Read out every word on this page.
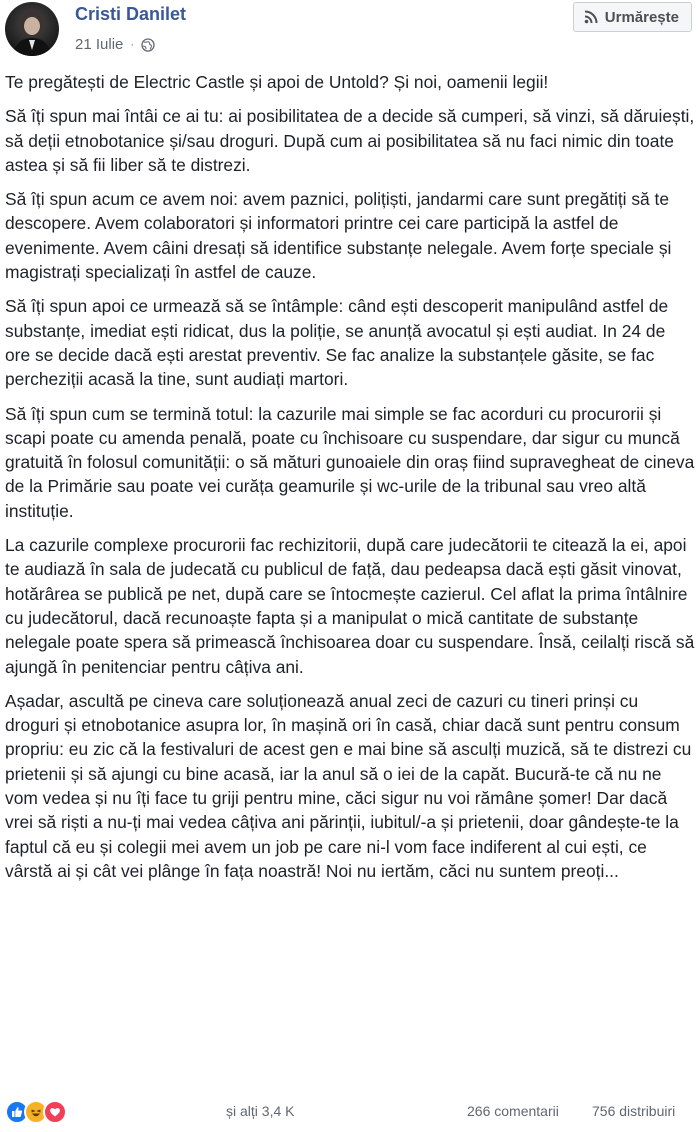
Cristi Danilet
21 Iulie ·
Urmărește

Te pregătești de Electric Castle și apoi de Untold? Și noi, oamenii legii!

Să îți spun mai întâi ce ai tu: ai posibilitatea de a decide să cumperi, să vinzi, să dăruiești, să deții etnobotanice și/sau droguri. După cum ai posibilitatea să nu faci nimic din toate astea și să fii liber să te distrezi.

Să îți spun acum ce avem noi: avem paznici, polițiști, jandarmi care sunt pregătiți să te descopere. Avem colaboratori și informatori printre cei care participă la astfel de evenimente. Avem câini dresați să identifice substanțe nelegale. Avem forțe speciale și magistrați specializați în astfel de cauze.

Să îți spun apoi ce urmează să se întâmple: când ești descoperit manipulând astfel de substanțe, imediat ești ridicat, dus la poliție, se anunță avocatul și ești audiat. In 24 de ore se decide dacă ești arestat preventiv. Se fac analize la substanțele găsite, se fac percheziții acasă la tine, sunt audiați martori.

Să îți spun cum se termină totul: la cazurile mai simple se fac acorduri cu procurorii și scapi poate cu amenda penală, poate cu închisoare cu suspendare, dar sigur cu muncă gratuită în folosul comunității: o să mături gunoaiele din oraș fiind supravegheat de cineva de la Primărie sau poate vei curăța geamurile și wc-urile de la tribunal sau vreo altă instituție.

La cazurile complexe procurorii fac rechizitorii, după care judecătorii te citează la ei, apoi te audiază în sala de judecată cu publicul de față, dau pedeapsa dacă ești găsit vinovat, hotărârea se publică pe net, după care se întocmește cazierul. Cel aflat la prima întâlnire cu judecătorul, dacă recunoaște fapta și a manipulat o mică cantitate de substanțe nelegale poate spera să primească închisoarea doar cu suspendare. Însă, ceilalți riscă să ajungă în penitenciar pentru câțiva ani.

Așadar, ascultă pe cineva care soluționează anual zeci de cazuri cu tineri prinși cu droguri și etnobotanice asupra lor, în mașină ori în casă, chiar dacă sunt pentru consum propriu: eu zic că la festivaluri de acest gen e mai bine să asculți muzică, să te distrezi cu prietenii și să ajungi cu bine acasă, iar la anul să o iei de la capăt. Bucură-te că nu ne vom vedea și nu îți face tu griji pentru mine, căci sigur nu voi rămâne șomer! Dar dacă vrei să riști a nu-ți mai vedea câțiva ani părinții, iubitul/-a și prietenii, doar gândește-te la faptul că eu și colegii mei avem un job pe care ni-l vom face indiferent al cui ești, ce vârstă ai și cât vei plânge în fața noastră! Noi nu iertăm, căci nu suntem preoți...

și alți 3,4 K	266 comentarii 756 distribuiri
